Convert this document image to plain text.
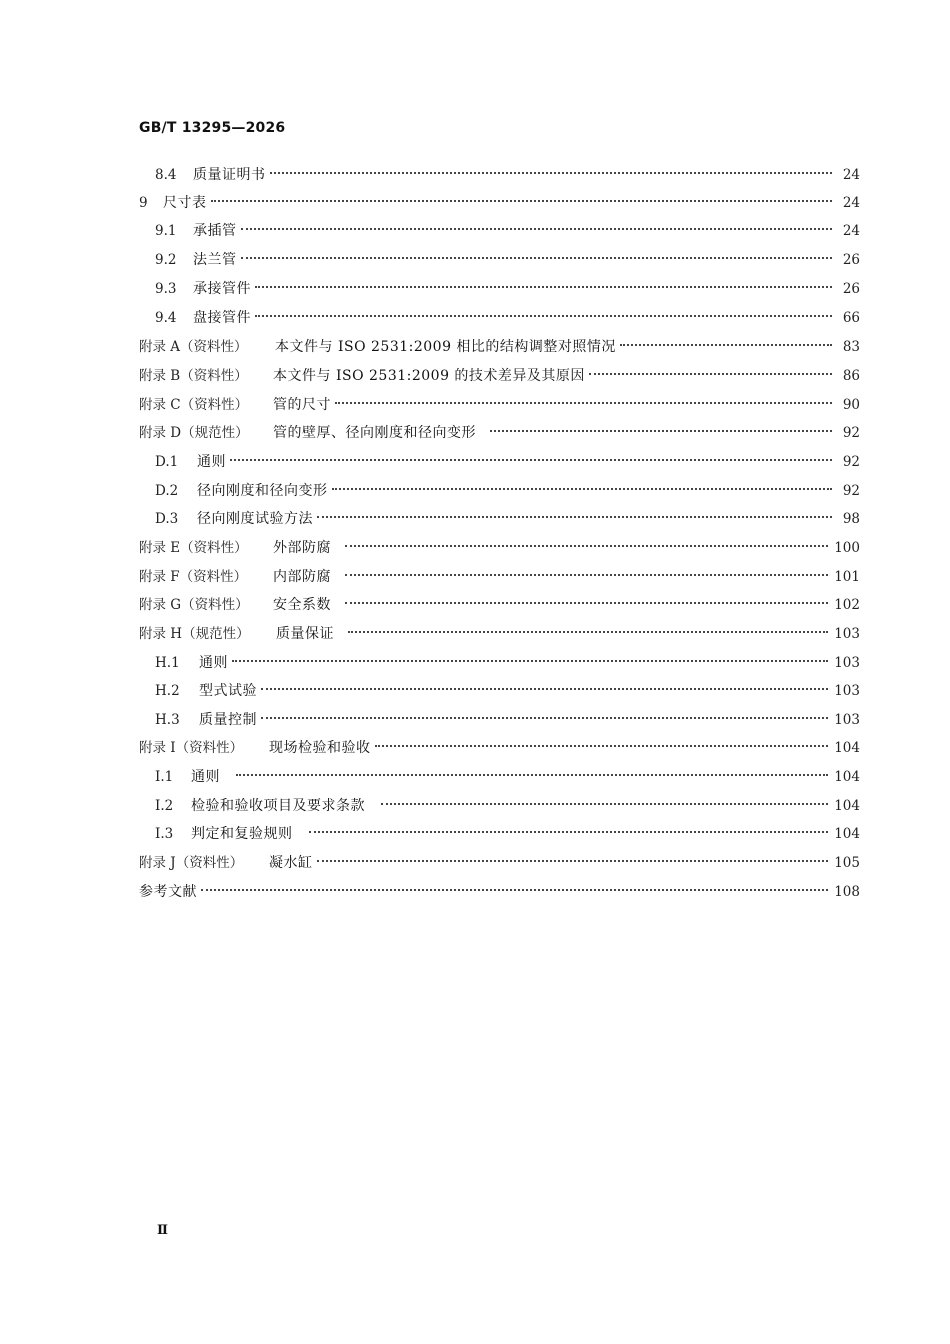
GB/T 13295—2026
8.4	质量证明书	24
9	尺寸表	24
9.1	承插管	24
9.2	法兰管	26
9.3	承接管件	26
9.4	盘接管件	66
附录 A（资料性）	本文件与 ISO 2531:2009 相比的结构调整对照情况	83
附录 B（资料性）	本文件与 ISO 2531:2009 的技术差异及其原因	86
附录 C（资料性）	管的尺寸	90
附录 D（规范性）	管的壁厚、径向刚度和径向变形	92
D.1	通则	92
D.2	径向刚度和径向变形	92
D.3	径向刚度试验方法	98
附录 E（资料性）	外部防腐	100
附录 F（资料性）	内部防腐	101
附录 G（资料性）	安全系数	102
附录 H（规范性）	质量保证	103
H.1	通则	103
H.2	型式试验	103
H.3	质量控制	103
附录 I（资料性）	现场检验和验收	104
I.1	通则	104
I.2	检验和验收项目及要求条款	104
I.3	判定和复验规则	104
附录 J（资料性）	凝水缸	105
参考文献	108
Ⅱ
